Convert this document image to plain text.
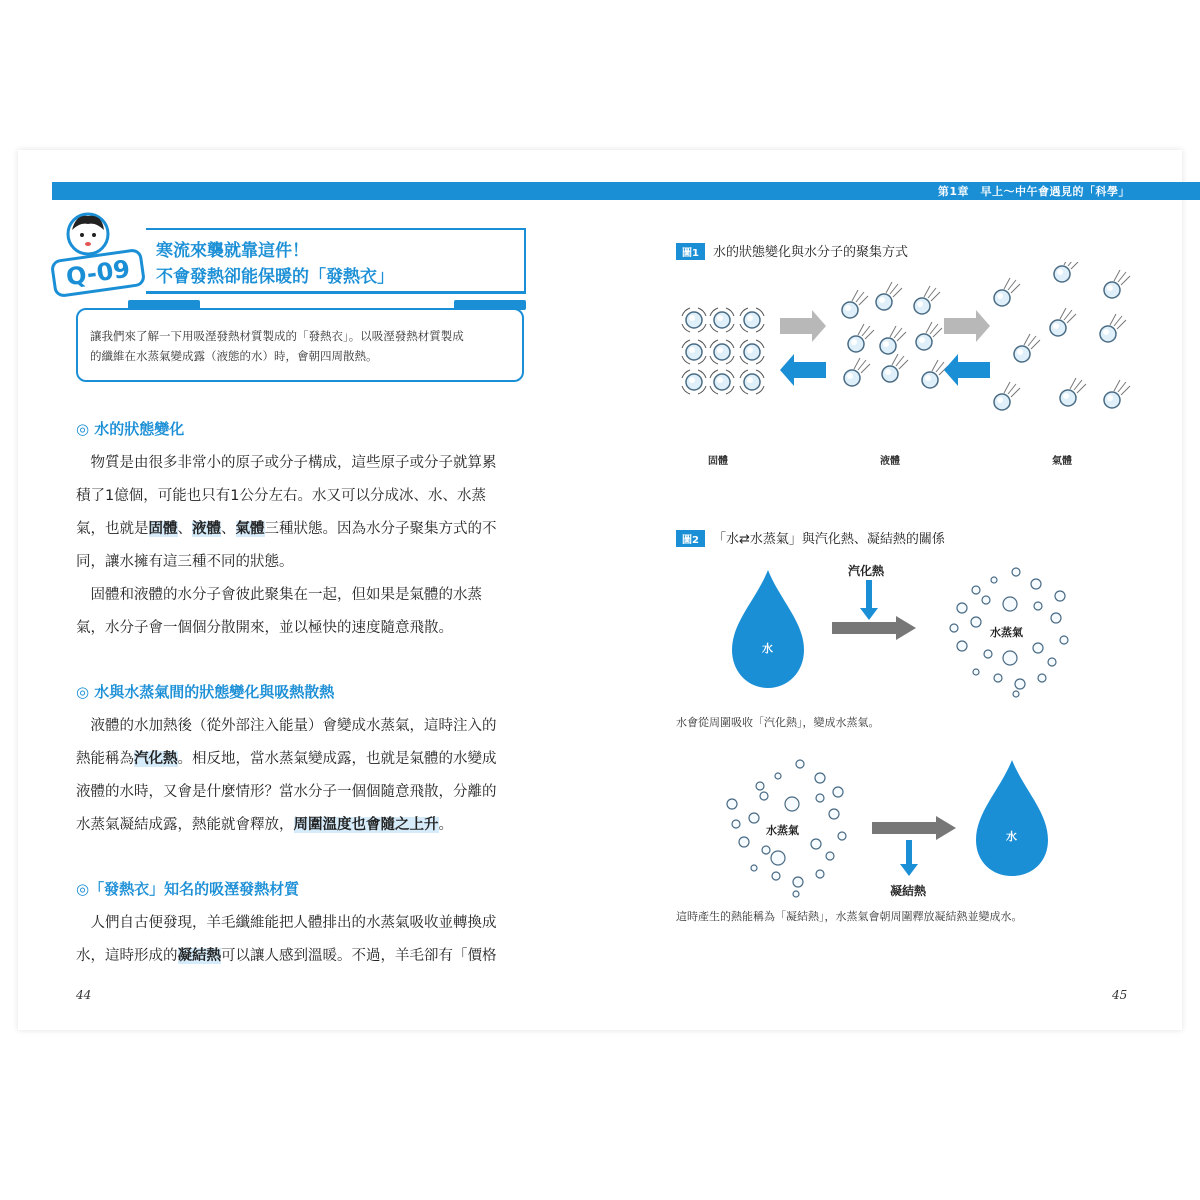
第1章　早上～中午會遇見的「科學」
Q-09
寒流來襲就靠這件！
不會發熱卻能保暖的「發熱衣」
讓我們來了解一下用吸溼發熱材質製成的「發熱衣」。以吸溼發熱材質製成
的纖維在水蒸氣變成露（液態的水）時，會朝四周散熱。
◎ 水的狀態變化
　物質是由很多非常小的原子或分子構成，這些原子或分子就算累
積了1億個，可能也只有1公分左右。水又可以分成冰、水、水蒸
氣，也就是固體、液體、氣體三種狀態。因為水分子聚集方式的不
同，讓水擁有這三種不同的狀態。
　固體和液體的水分子會彼此聚集在一起，但如果是氣體的水蒸
氣，水分子會一個個分散開來，並以極快的速度隨意飛散。
◎ 水與水蒸氣間的狀態變化與吸熱散熱
　液體的水加熱後（從外部注入能量）會變成水蒸氣，這時注入的
熱能稱為汽化熱。相反地，當水蒸氣變成露，也就是氣體的水變成
液體的水時，又會是什麼情形？當水分子一個個隨意飛散，分離的
水蒸氣凝結成露，熱能就會釋放，周圍溫度也會隨之上升。
◎「發熱衣」知名的吸溼發熱材質
　人們自古便發現，羊毛纖維能把人體排出的水蒸氣吸收並轉換成
水，這時形成的凝結熱可以讓人感到溫暖。不過，羊毛卻有「價格
44
圖1 水的狀態變化與水分子的聚集方式
固體	液體	氣體
圖2 「水⇄水蒸氣」與汽化熱、凝結熱的關係
汽化熱
水
水蒸氣
水會從周圍吸收「汽化熱」，變成水蒸氣。
水蒸氣	水
凝結熱
這時產生的熱能稱為「凝結熱」，水蒸氣會朝周圍釋放凝結熱並變成水。
45
